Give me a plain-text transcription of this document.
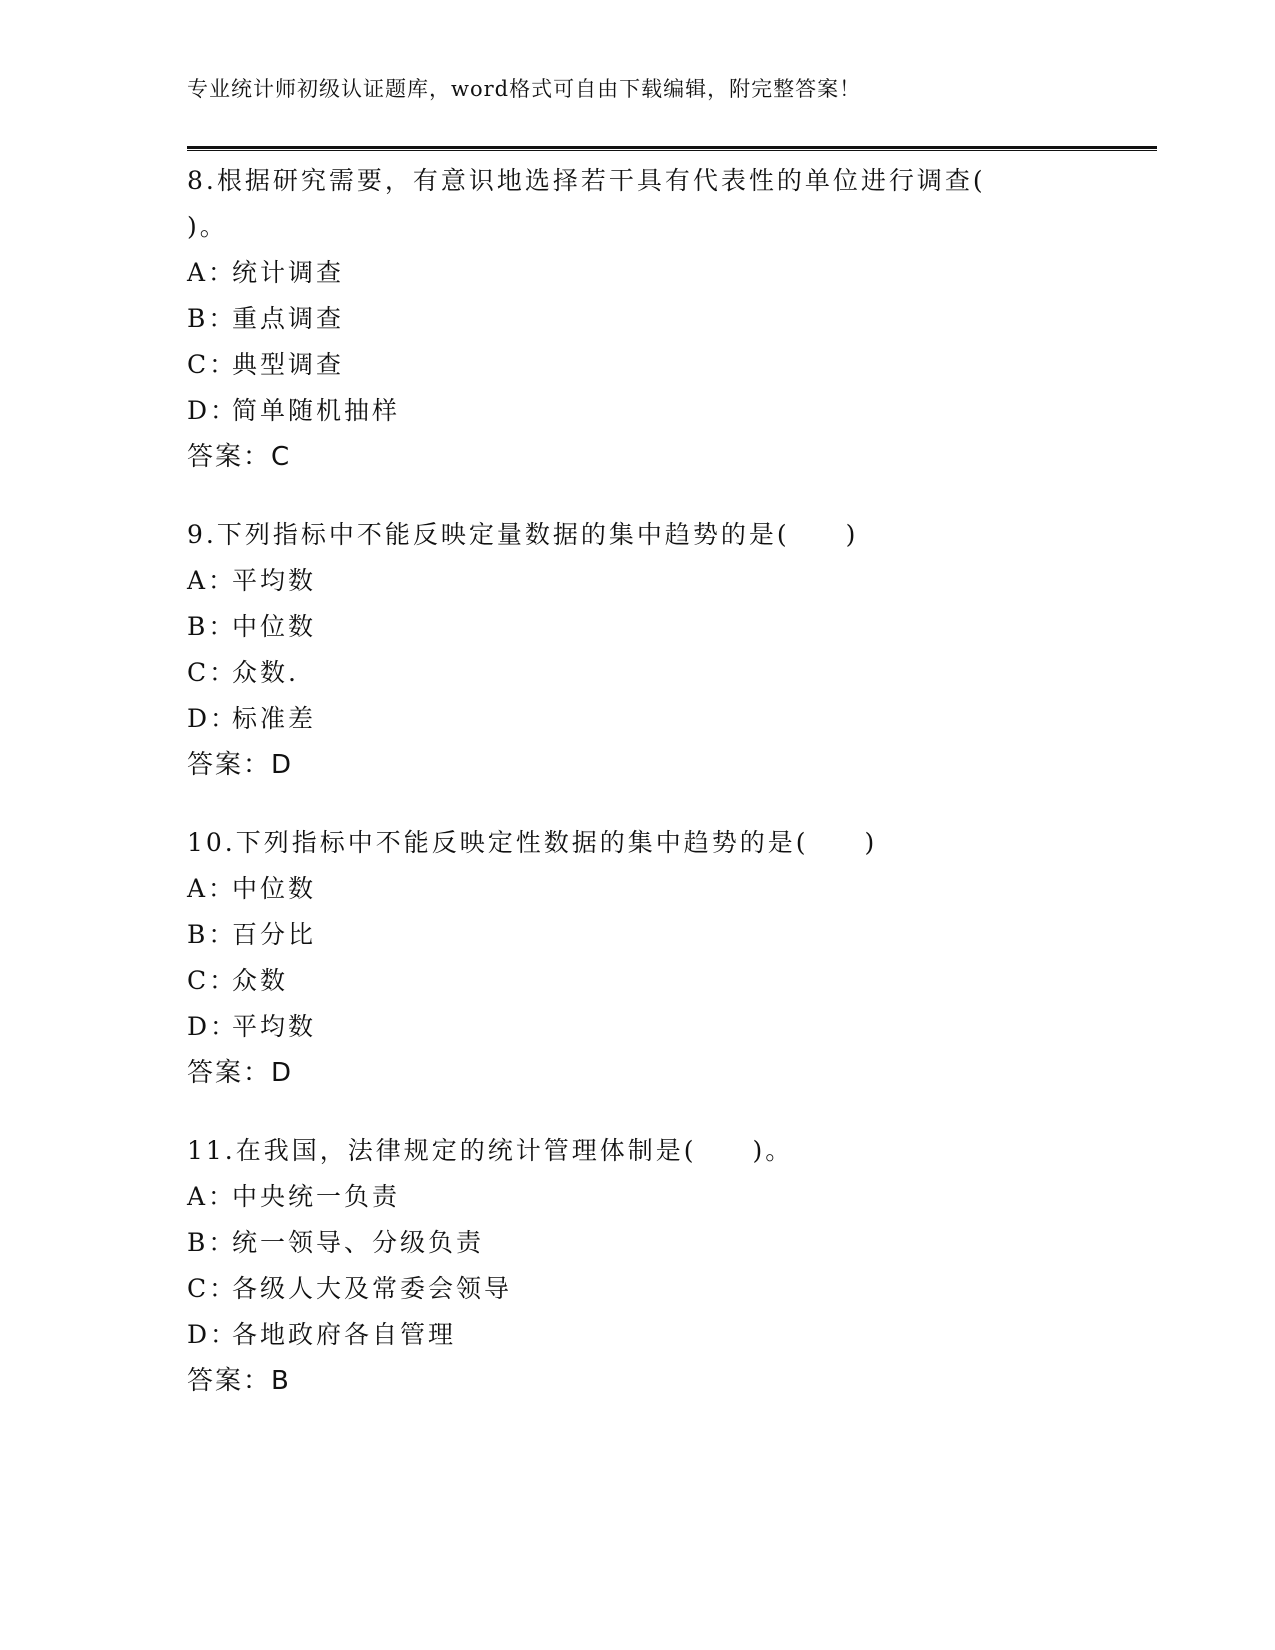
专业统计师初级认证题库，word格式可自由下载编辑，附完整答案！
8.根据研究需要，有意识地选择若干具有代表性的单位进行调查( )。
A：统计调查
B：重点调查
C：典型调查
D：简单随机抽样
答案：C
9.下列指标中不能反映定量数据的集中趋势的是(　　)
A：平均数
B：中位数
C：众数.
D：标准差
答案：D
10.下列指标中不能反映定性数据的集中趋势的是(　　)
A：中位数
B：百分比
C：众数
D：平均数
答案：D
11.在我国，法律规定的统计管理体制是(　　)。
A：中央统一负责
B：统一领导、分级负责
C：各级人大及常委会领导
D：各地政府各自管理
答案：B
